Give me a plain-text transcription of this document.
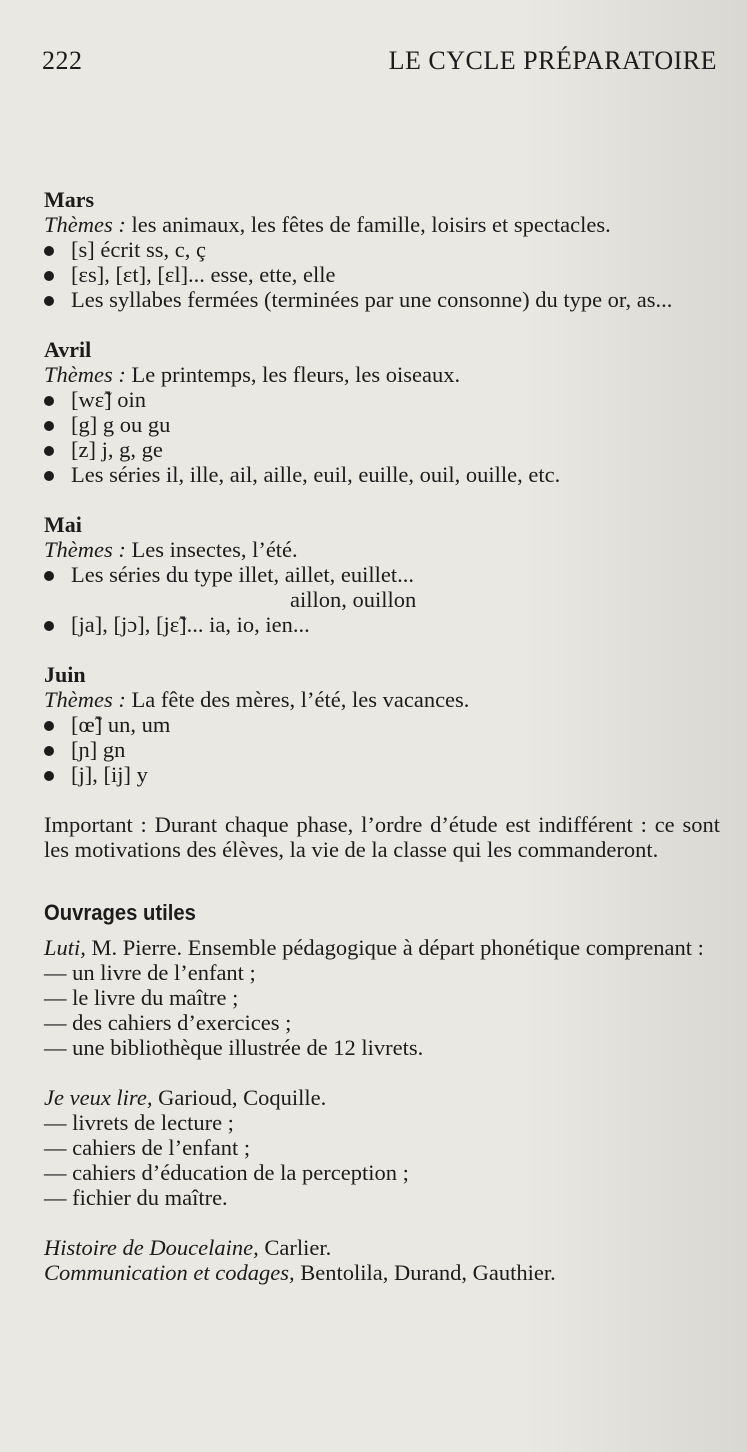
222	LE CYCLE PRÉPARATOIRE
Mars
Thèmes : les animaux, les fêtes de famille, loisirs et spectacles.
[s] écrit ss, c, ç
[ɛs], [ɛt], [ɛl]... esse, ette, elle
Les syllabes fermées (terminées par une consonne) du type or, as...
Avril
Thèmes : Le printemps, les fleurs, les oiseaux.
[wɛ̃] oin
[g] g ou gu
[z] j, g, ge
Les séries il, ille, ail, aille, euil, euille, ouil, ouille, etc.
Mai
Thèmes : Les insectes, l’été.
Les séries du type illet, aillet, euillet...
aillon, ouillon
[ja], [jɔ], [jɛ̃]... ia, io, ien...
Juin
Thèmes : La fête des mères, l’été, les vacances.
[œ̃] un, um
[ɲ] gn
[j], [ij] y
Important : Durant chaque phase, l’ordre d’étude est indifférent : ce sont les motivations des élèves, la vie de la classe qui les commanderont.
Ouvrages utiles
Luti, M. Pierre. Ensemble pédagogique à départ phonétique comprenant :
— un livre de l’enfant ;
— le livre du maître ;
— des cahiers d’exercices ;
— une bibliothèque illustrée de 12 livrets.
Je veux lire, Garioud, Coquille.
— livrets de lecture ;
— cahiers de l’enfant ;
— cahiers d’éducation de la perception ;
— fichier du maître.
Histoire de Doucelaine, Carlier.
Communication et codages, Bentolila, Durand, Gauthier.
